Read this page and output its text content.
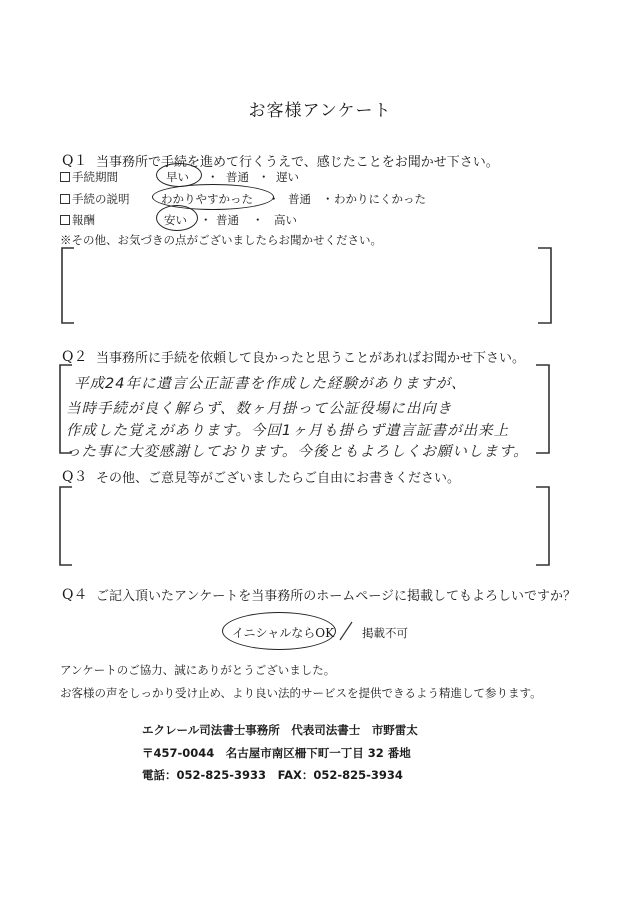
お客様アンケート
Q１ 当事務所で手続を進めて行くうえで、感じたことをお聞かせ下さい。
手続期間	早い ・ 普通 ・ 遅い
手続の説明	わかりやすかった ・ 普通 ・ わかりにくかった
報酬	安い ・ 普通 ・ 高い
※その他、お気づきの点がございましたらお聞かせください。
Q２ 当事務所に手続を依頼して良かったと思うことがあればお聞かせ下さい。
平成24年に遺言公正証書を作成した経験がありますが、
当時手続が良く解らず、数ヶ月掛って公証役場に出向き
作成した覚えがあります。今回1ヶ月も掛らず遺言証書が出来上
った事に大変感謝しております。今後ともよろしくお願いします。
Q３ その他、ご意見等がございましたらご自由にお書きください。
Q４ ご記入頂いたアンケートを当事務所のホームページに掲載してもよろしいですか？
イニシャルならOK 掲載不可
アンケートのご協力、誠にありがとうございました。
お客様の声をしっかり受け止め、より良い法的サービスを提供できるよう精進して参ります。
エクレール司法書士事務所　代表司法書士　市野雷太
〒457-0044　名古屋市南区柵下町一丁目 32 番地
電話：052-825-3933　FAX：052-825-3934
